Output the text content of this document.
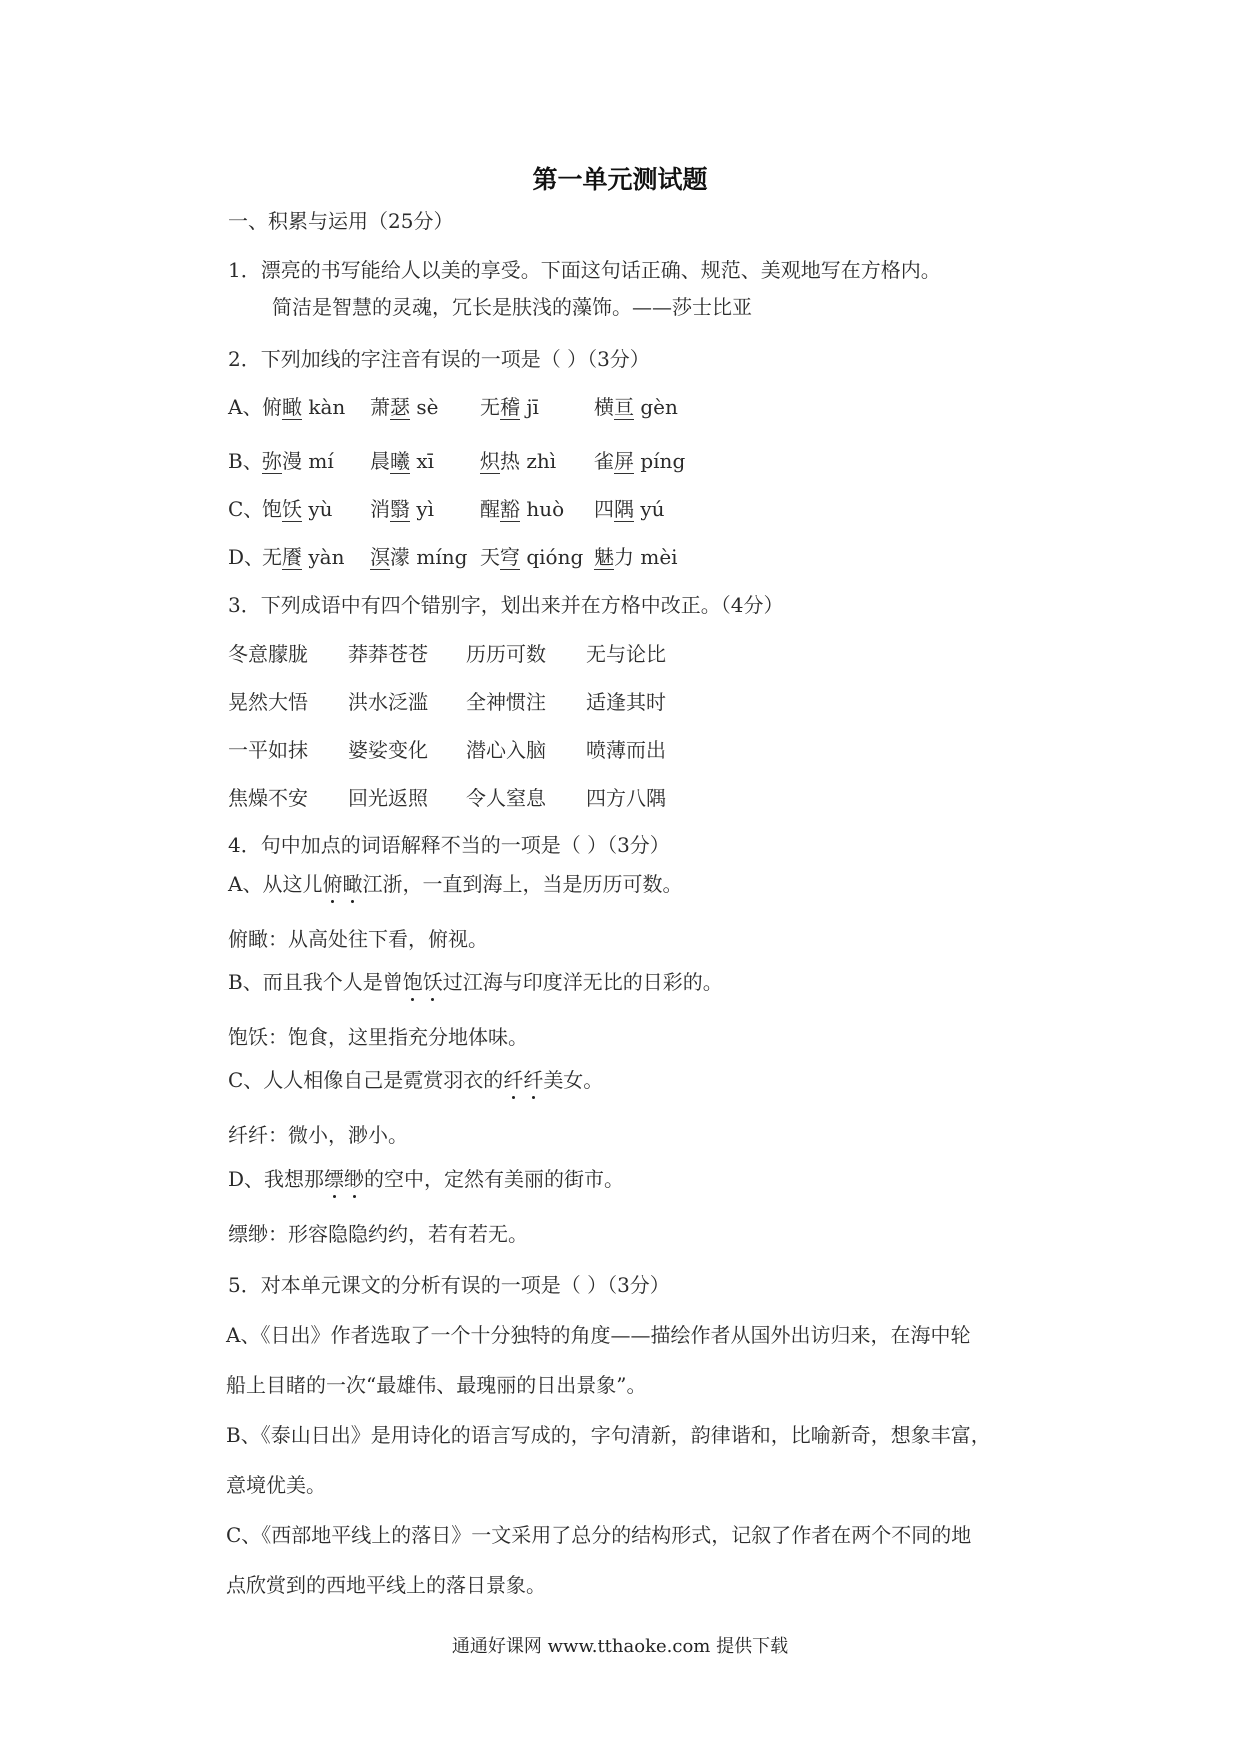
第一单元测试题
一、积累与运用（25分）
1．漂亮的书写能给人以美的享受。下面这句话正确、规范、美观地写在方格内。
简洁是智慧的灵魂，冗长是肤浅的藻饰。——莎士比亚
2．下列加线的字注音有误的一项是（ ）（3分）
A、 俯瞰 kàn 萧瑟 sè 无稽 jī	横亘 gèn
B、 弥漫 mí 晨曦 xī 炽热 zhì 雀屏 píng
C、
饱饫 yù 消翳 yì 醒豁 huò 四隅 yú
D、
无餍 yàn 溟濛 míng 天穹 qióng 魅力 mèi
3．下列成语中有四个错别字，划出来并在方格中改正。（4分）
冬意朦胧 莽莽苍苍 历历可数 无与论比
晃然大悟 洪水泛滥 全神惯注 适逢其时
一平如抹 婆娑变化 潜心入脑 喷薄而出
焦燥不安 回光返照 令人窒息 四方八隅
4．句中加点的词语解释不当的一项是（ ）（3分）
A、从这儿俯瞰江浙，一直到海上，当是历历可数。
俯瞰：从高处往下看，俯视。
B、而且我个人是曾饱饫过江海与印度洋无比的日彩的。
饱饫：饱食，这里指充分地体味。
C、人人相像自己是霓赏羽衣的纤纤美女。
纤纤：微小，渺小。
D、我想那缥缈的空中，定然有美丽的街市。
缥缈：形容隐隐约约，若有若无。
5．对本单元课文的分析有误的一项是（ ）（3分）
A、《日出》作者选取了一个十分独特的角度——描绘作者从国外出访归来，在海中轮
船上目睹的一次“最雄伟、最瑰丽的日出景象”。
B、《泰山日出》是用诗化的语言写成的，字句清新，韵律谐和，比喻新奇，想象丰富，
意境优美。
C、《西部地平线上的落日》一文采用了总分的结构形式，记叙了作者在两个不同的地
点欣赏到的西地平线上的落日景象。
通通好课网 www.tthaoke.com 提供下载
